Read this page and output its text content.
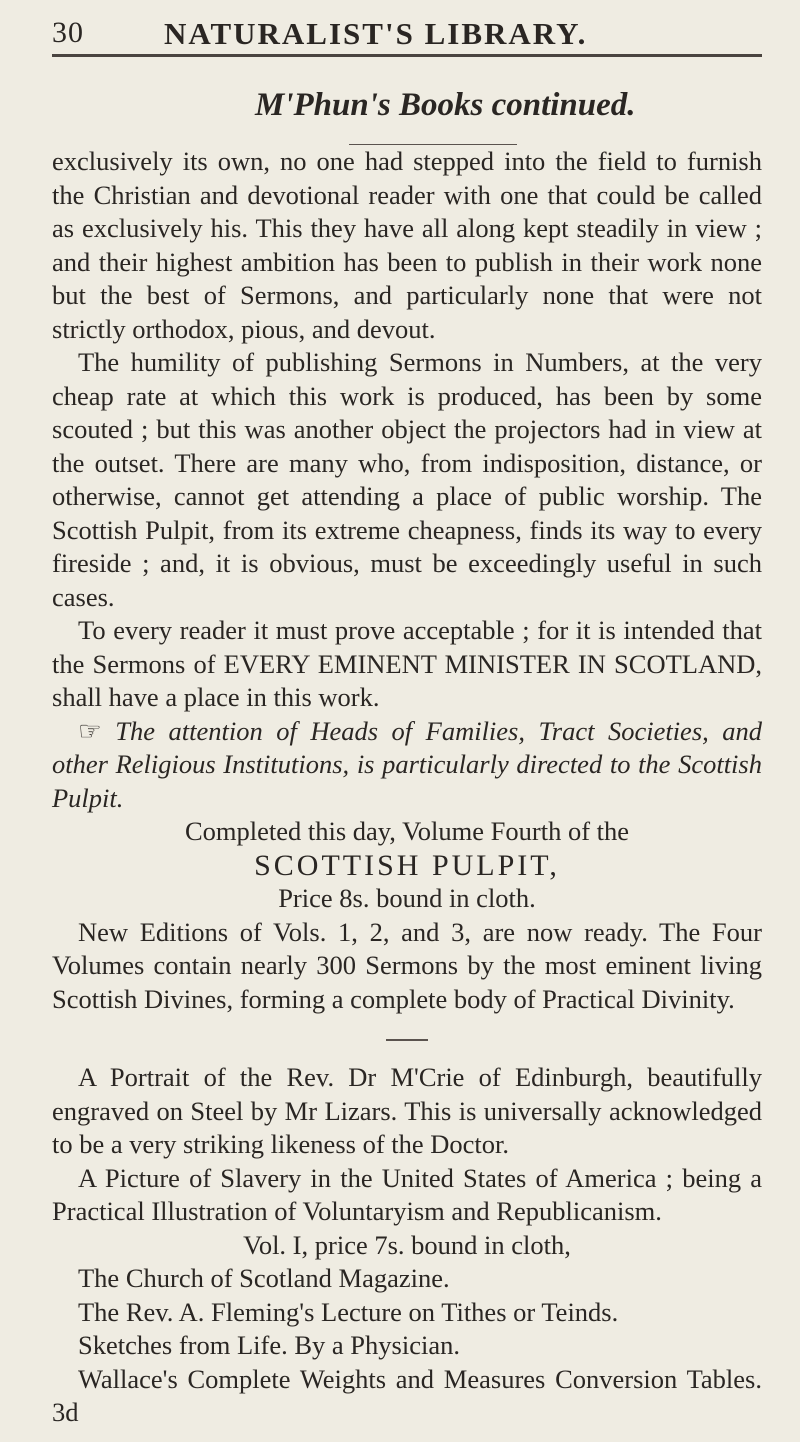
30	NATURALIST'S LIBRARY.
M'Phun's Books continued.

exclusively its own, no one had stepped into the field to furnish the Christian and devotional reader with one that could be called as exclusively his. This they have all along kept steadily in view ; and their highest ambition has been to publish in their work none but the best of Sermons, and particularly none that were not strictly orthodox, pious, and devout.

The humility of publishing Sermons in Numbers, at the very cheap rate at which this work is produced, has been by some scouted ; but this was another object the projectors had in view at the outset. There are many who, from indisposition, distance, or otherwise, cannot get attending a place of public worship. The Scottish Pulpit, from its extreme cheapness, finds its way to every fireside ; and, it is obvious, must be exceedingly useful in such cases.

To every reader it must prove acceptable ; for it is intended that the Sermons of EVERY EMINENT MINISTER IN SCOTLAND, shall have a place in this work.

☞ The attention of Heads of Families, Tract Societies, and other Religious Institutions, is particularly directed to the Scottish Pulpit.

Completed this day, Volume Fourth of the

SCOTTISH PULPIT,

Price 8s. bound in cloth.

New Editions of Vols. 1, 2, and 3, are now ready. The Four Volumes contain nearly 300 Sermons by the most eminent living Scottish Divines, forming a complete body of Practical Divinity.

A Portrait of the Rev. Dr M'Crie of Edinburgh, beautifully engraved on Steel by Mr Lizars. This is universally acknowledged to be a very striking likeness of the Doctor.

A Picture of Slavery in the United States of America ; being a Practical Illustration of Voluntaryism and Republicanism.

Vol. I, price 7s. bound in cloth,

The Church of Scotland Magazine.

The Rev. A. Fleming's Lecture on Tithes or Teinds.

Sketches from Life. By a Physician.

Wallace's Complete Weights and Measures Conversion Tables. 3d
